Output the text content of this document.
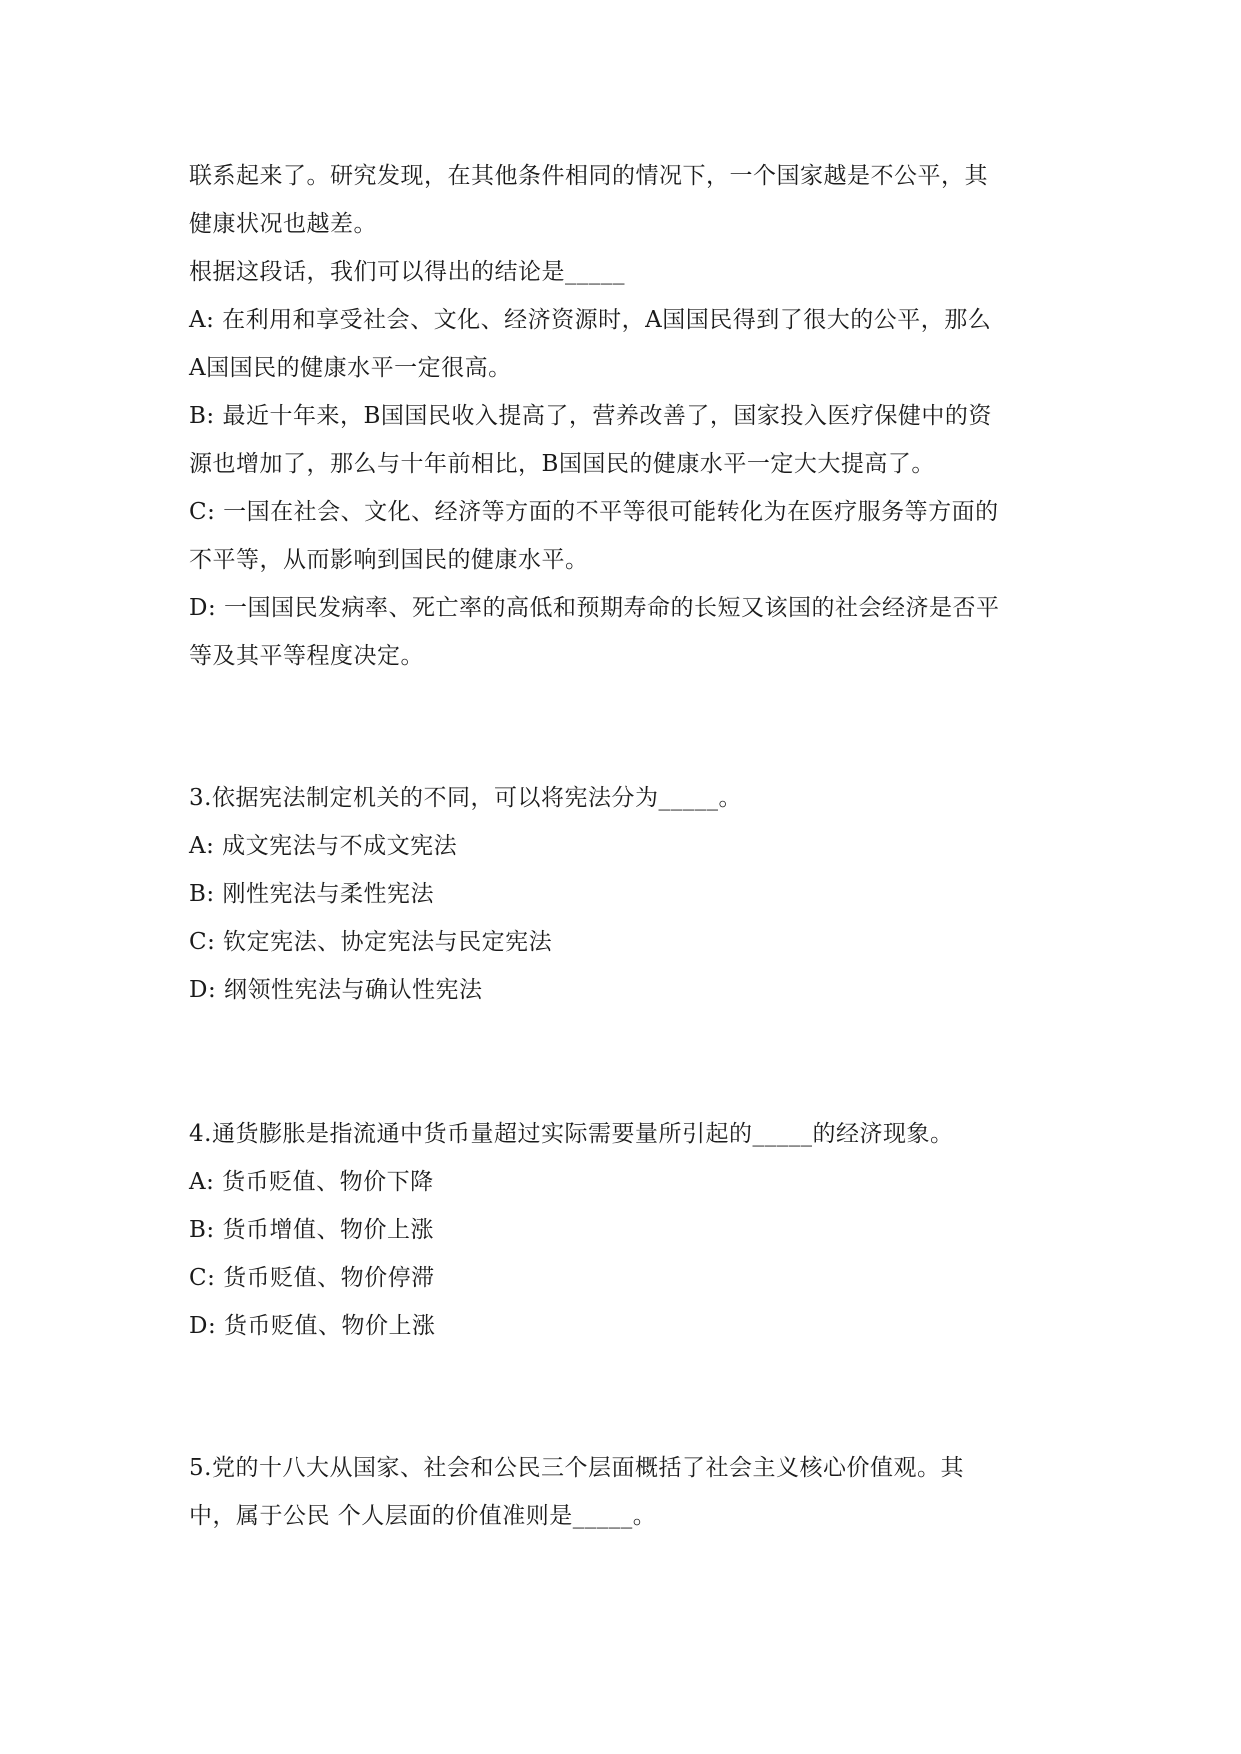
联系起来了。研究发现，在其他条件相同的情况下，一个国家越是不公平，其
健康状况也越差。
根据这段话，我们可以得出的结论是_____
A: 在利用和享受社会、文化、经济资源时，A国国民得到了很大的公平，那么
A国国民的健康水平一定很高。
B: 最近十年来，B国国民收入提高了，营养改善了，国家投入医疗保健中的资
源也增加了，那么与十年前相比，B国国民的健康水平一定大大提高了。
C: 一国在社会、文化、经济等方面的不平等很可能转化为在医疗服务等方面的
不平等，从而影响到国民的健康水平。
D: 一国国民发病率、死亡率的高低和预期寿命的长短又该国的社会经济是否平
等及其平等程度决定。
3.依据宪法制定机关的不同，可以将宪法分为_____。
A: 成文宪法与不成文宪法
B: 刚性宪法与柔性宪法
C: 钦定宪法、协定宪法与民定宪法
D: 纲领性宪法与确认性宪法
4.通货膨胀是指流通中货币量超过实际需要量所引起的_____的经济现象。
A: 货币贬值、物价下降
B: 货币增值、物价上涨
C: 货币贬值、物价停滞
D: 货币贬值、物价上涨
5.党的十八大从国家、社会和公民三个层面概括了社会主义核心价值观。其
中，属于公民 个人层面的价值准则是_____。
